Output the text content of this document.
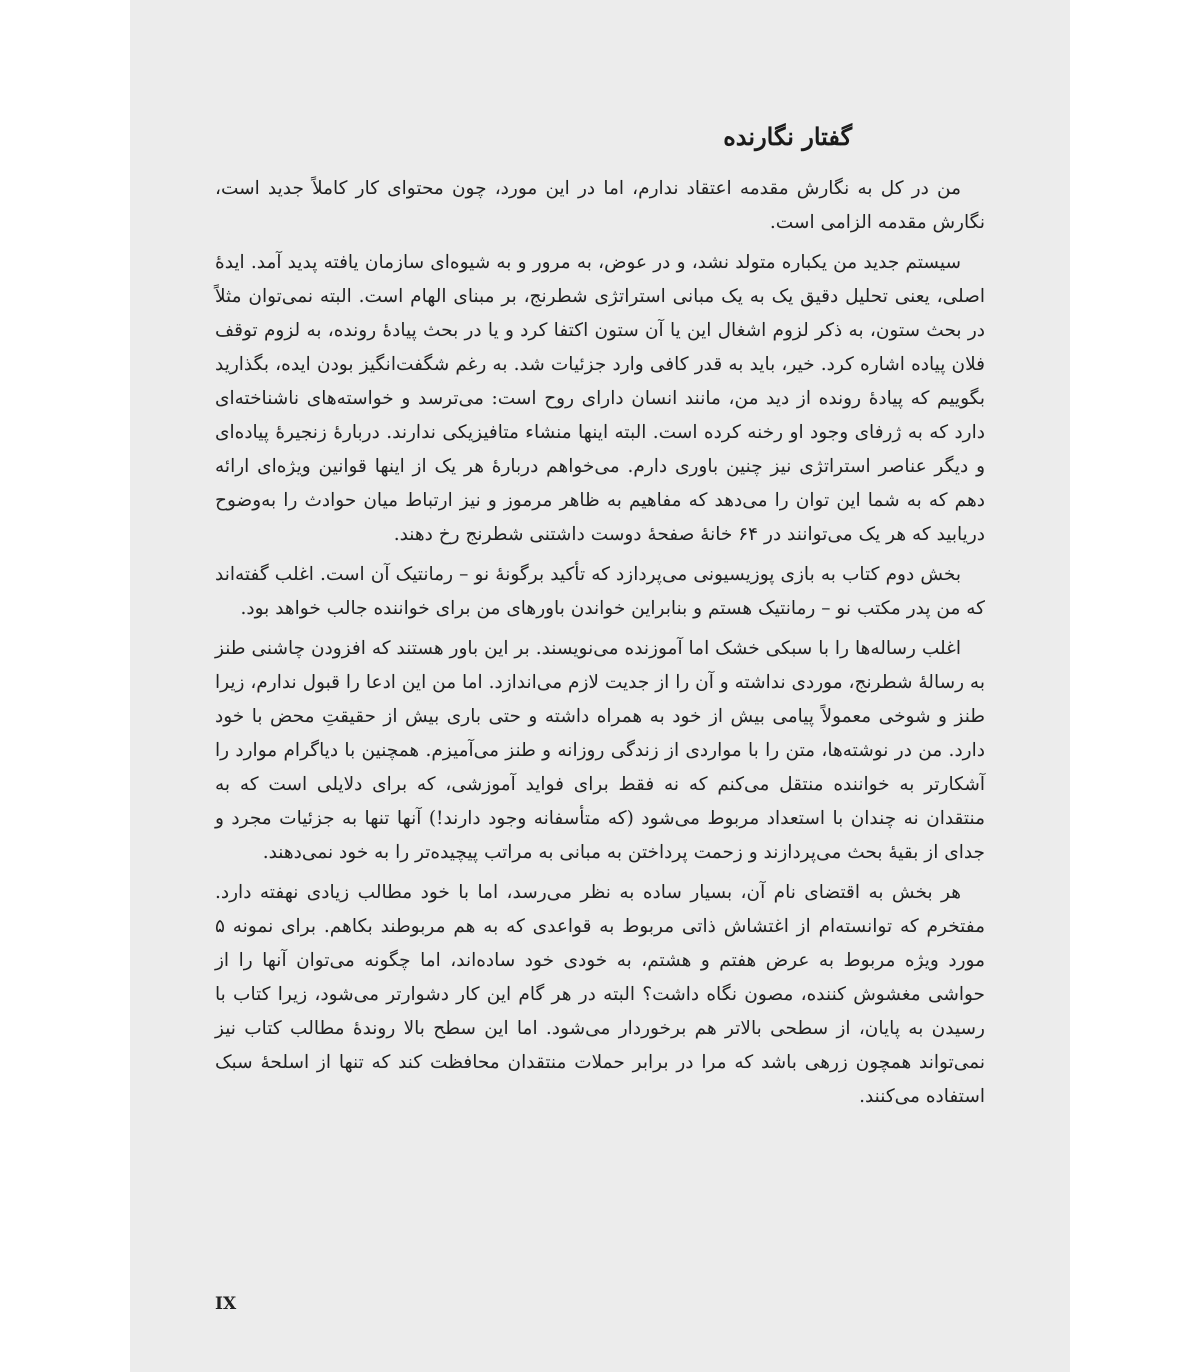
گفتار نگارنده

من در کل به نگارش مقدمه اعتقاد ندارم، اما در این مورد، چون محتوای کار کاملاً جدید است، نگارش مقدمه الزامی است.

سیستم جدید من یکباره متولد نشد، و در عوض، به مرور و به شیوه‌ای سازمان یافته پدید آمد. ایدهٔ اصلی، یعنی تحلیل دقیق یک به یک مبانی استراتژی شطرنج، بر مبنای الهام است. البته نمی‌توان مثلاً در بحث ستون، به ذکر لزوم اشغال این یا آن ستون اکتفا کرد و یا در بحث پیادهٔ رونده، به لزوم توقف فلان پیاده اشاره کرد. خیر، باید به قدر کافی وارد جزئیات شد. به رغم شگفت‌انگیز بودن ایده، بگذارید بگوییم که پیادهٔ رونده از دید من، مانند انسان دارای روح است: می‌ترسد و خواسته‌های ناشناخته‌ای دارد که به ژرفای وجود او رخنه کرده است. البته اینها منشاء متافیزیکی ندارند. دربارهٔ زنجیرهٔ پیاده‌ای و دیگر عناصر استراتژی نیز چنین باوری دارم. می‌خواهم دربارهٔ هر یک از اینها قوانین ویژه‌ای ارائه دهم که به شما این توان را می‌دهد که مفاهیم به ظاهر مرموز و نیز ارتباط میان حوادث را به‌وضوح دریابید که هر یک می‌توانند در ۶۴ خانهٔ صفحهٔ دوست داشتنی شطرنج رخ دهند.

بخش دوم کتاب به بازی پوزیسیونی می‌پردازد که تأکید برگونهٔ نو – رمانتیک آن است. اغلب گفته‌اند که من پدر مکتب نو – رمانتیک هستم و بنابراین خواندن باورهای من برای خواننده جالب خواهد بود.

اغلب رساله‌ها را با سبکی خشک اما آموزنده می‌نویسند. بر این باور هستند که افزودن چاشنی طنز به رسالهٔ شطرنج، موردی نداشته و آن را از جدیت لازم می‌اندازد. اما من این ادعا را قبول ندارم، زیرا طنز و شوخی معمولاً پیامی بیش از خود به همراه داشته و حتی باری بیش از حقیقتِ محض با خود دارد. من در نوشته‌ها، متن را با مواردی از زندگی روزانه و طنز می‌آمیزم. همچنین با دیاگرام موارد را آشکارتر به خواننده منتقل می‌کنم که نه فقط برای فواید آموزشی، که برای دلایلی است که به منتقدان نه چندان با استعداد مربوط می‌شود (که متأسفانه وجود دارند!) آنها تنها به جزئیات مجرد و جدای از بقیهٔ بحث می‌پردازند و زحمت پرداختن به مبانی به مراتب پیچیده‌تر را به خود نمی‌دهند.

هر بخش به اقتضای نام آن، بسیار ساده به نظر می‌رسد، اما با خود مطالب زیادی نهفته دارد. مفتخرم که توانسته‌ام از اغتشاش ذاتی مربوط به قواعدی که به هم مربوطند بکاهم. برای نمونه ۵ مورد ویژه مربوط به عرض هفتم و هشتم، به خودی خود ساده‌اند، اما چگونه می‌توان آنها را از حواشی مغشوش کننده، مصون نگاه داشت؟ البته در هر گام این کار دشوارتر می‌شود، زیرا کتاب با رسیدن به پایان، از سطحی بالاتر هم برخوردار می‌شود. اما این سطح بالا روندهٔ مطالب کتاب نیز نمی‌تواند همچون زرهی باشد که مرا در برابر حملات منتقدان محافظت کند که تنها از اسلحهٔ سبک استفاده می‌کنند.

IX
